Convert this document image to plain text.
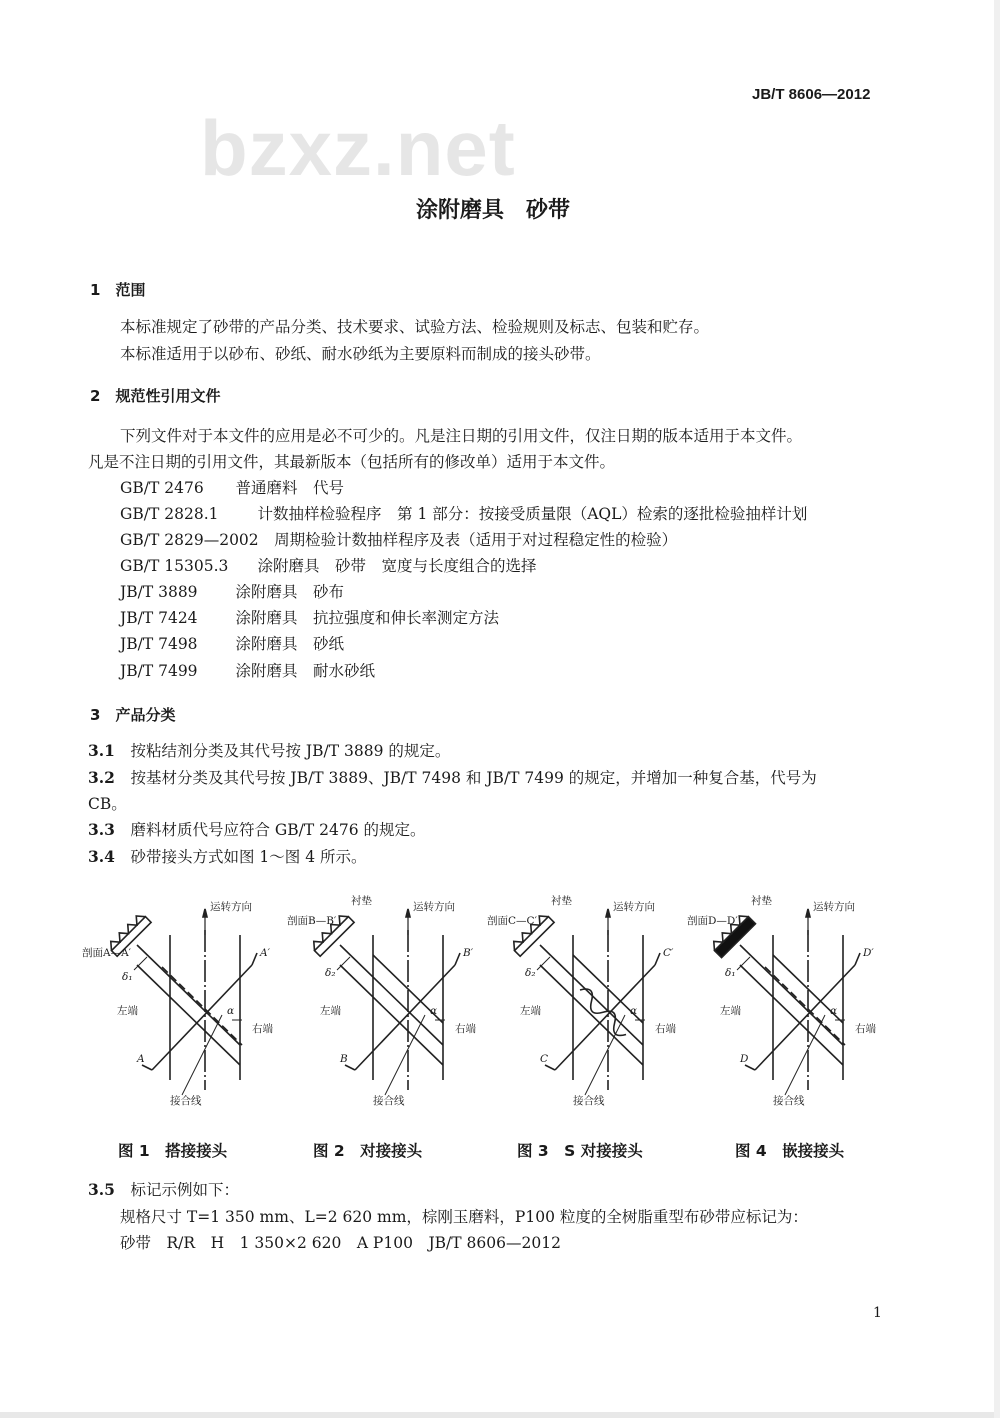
JB/T 8606—2012
bzxz.net
涂附磨具　砂带
1　 范围
本标准规定了砂带的产品分类、技术要求、试验方法、检验规则及标志、包装和贮存。
本标准适用于以砂布、砂纸、耐水砂纸为主要原料而制成的接头砂带。
2　 规范性引用文件
下列文件对于本文件的应用是必不可少的。凡是注日期的引用文件，仅注日期的版本适用于本文件。
凡是不注日期的引用文件，其最新版本（包括所有的修改单）适用于本文件。
GB/T 2476　 普通磨料　代号
GB/T 2828.1　	计数抽样检验程序　第 1 部分：按接受质量限（AQL）检索的逐批检验抽样计划
GB/T 2829—2002　 周期检验计数抽样程序及表（适用于对过程稳定性的检验）
GB/T 15305.3　 涂附磨具　砂带　宽度与长度组合的选择
JB/T 3889　 涂附磨具　砂布
JB/T 7424　 涂附磨具　抗拉强度和伸长率测定方法
JB/T 7498　 涂附磨具　砂纸
JB/T 7499　 涂附磨具　耐水砂纸
3　 产品分类
3.1　 按粘结剂分类及其代号按 JB/T 3889 的规定。
3.2　 按基材分类及其代号按 JB/T 3889、JB/T 7498 和 JB/T 7499 的规定，并增加一种复合基，代号为
CB。
3.3　 磨料材质代号应符合 GB/T 2476 的规定。
3.4　 砂带接头方式如图 1～图 4 所示。
剖面A—A′
运转方向
左端
右端
接合线
A
A′
δ₁
α
图 1　搭接接头
剖面B—B′
衬垫	运转方向
左端
右端
接合线
B
B′
δ₂
α
图 2　对接接头
剖面C—C′
衬垫	运转方向
左端
右端
接合线
C
C′
δ₂
α
图 3　S 对接接头
剖面D—D′
衬垫	运转方向
左端
右端
接合线
D
D′
δ₁
α
图 4　嵌接接头
3.5　 标记示例如下：
规格尺寸 T=1 350 mm、L=2 620 mm，棕刚玉磨料，P100 粒度的全树脂重型布砂带应标记为：
砂带　R/R　H　1 350×2 620　A P100　JB/T 8606—2012
1
